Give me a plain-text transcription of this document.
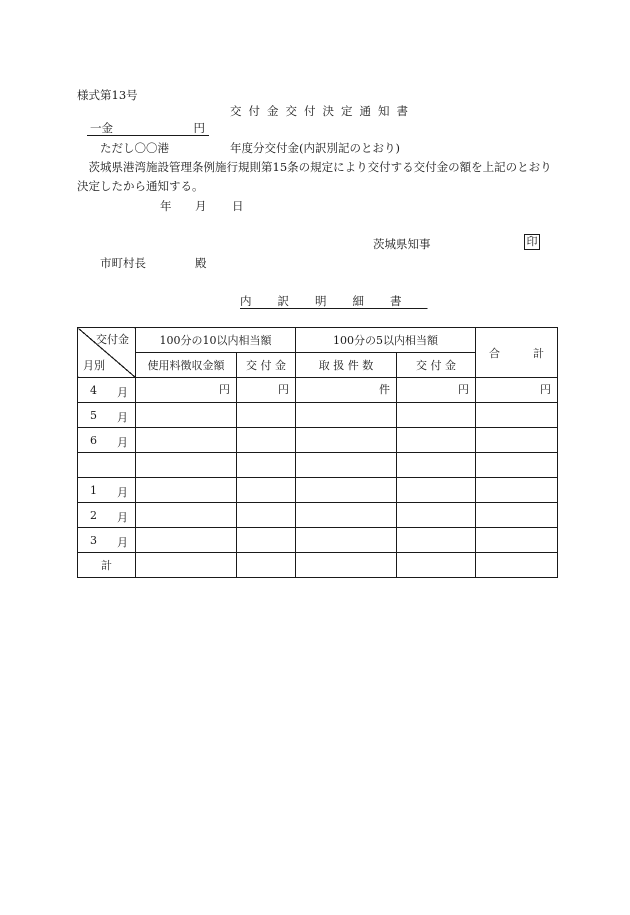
様式第13号
交付金交付決定通知書
一金	円
ただし〇〇港	年度分交付金(内訳別記のとおり)
茨城県港湾施設管理条例施行規則第15条の規定により交付する交付金の額を上記のとおり決定したから通知する。
年 月 日
茨城県知事	印
市町村長	殿
内訳明細書
交付金
月別	100分の10以内相当額		100分の5以内相当額		合　　　計

	使用料徴収金額	交 付 金	取 扱 件 数	交 付 金	

4 月	円	円	件	円	円

5 月					

6 月					

1 月					

2 月					

3 月					

計					
